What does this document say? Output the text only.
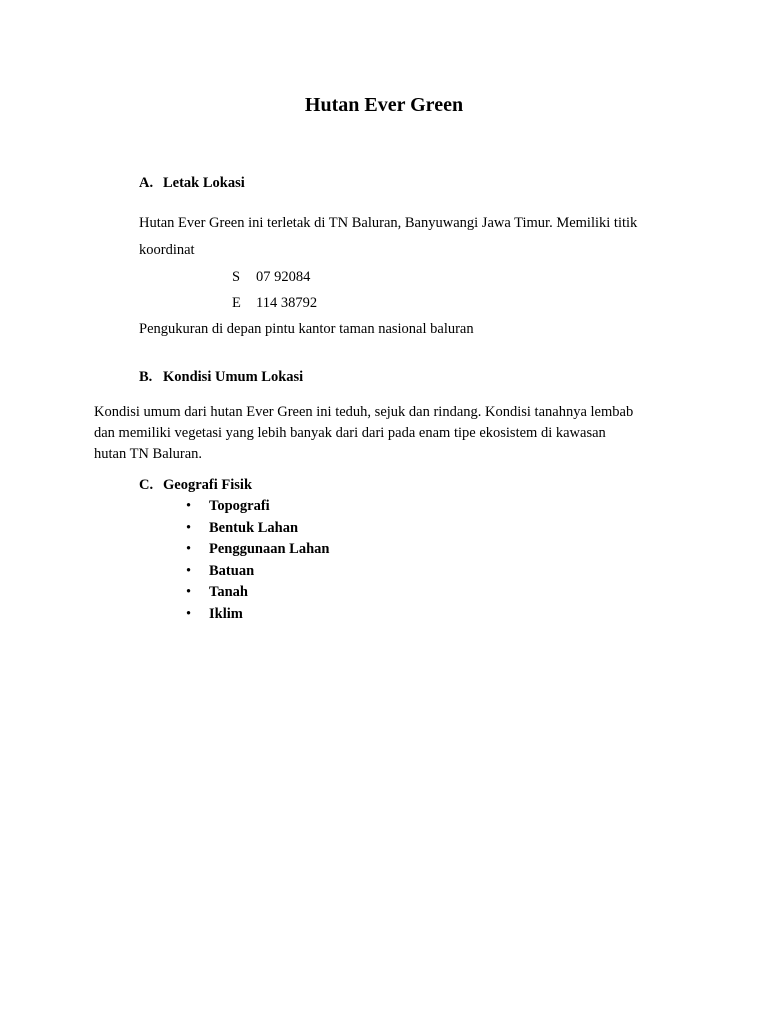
Hutan Ever Green
A. Letak Lokasi
Hutan Ever Green ini terletak di TN Baluran, Banyuwangi Jawa Timur. Memiliki titik
koordinat
S 07 92084
E 114 38792
Pengukuran di depan pintu kantor taman nasional baluran
B. Kondisi Umum Lokasi
Kondisi umum dari hutan Ever Green ini teduh, sejuk dan rindang. Kondisi tanahnya lembab
dan memiliki vegetasi yang lebih banyak dari dari pada enam tipe ekosistem di kawasan
hutan TN Baluran.
C. Geografi Fisik
• Topografi
• Bentuk Lahan
• Penggunaan Lahan
• Batuan
• Tanah
• Iklim
